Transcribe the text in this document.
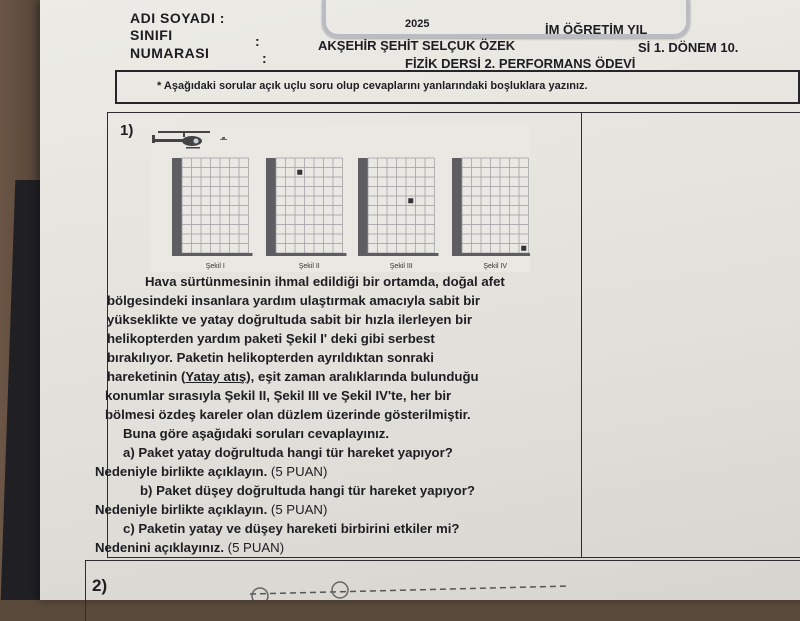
ADI SOYADI :
SINIFI	:
NUMARASI	:
2025	İM ÖĞRETİM YIL
AKŞEHİR ŞEHİT SELÇUK ÖZEK	Sİ 1. DÖNEM 10.
FİZİK DERSİ 2. PERFORMANS ÖDEVİ
* Aşağıdaki sorular açık uçlu soru olup cevaplarını yanlarındaki boşluklara yazınız.
1)
Şekil I	Şekil II	Şekil III	Şekil IV
Hava sürtünmesinin ihmal edildiği bir ortamda, doğal afet
bölgesindeki insanlara yardım ulaştırmak amacıyla sabit bir
yükseklikte ve yatay doğrultuda sabit bir hızla ilerleyen bir
helikopterden yardım paketi Şekil I' deki gibi serbest
bırakılıyor. Paketin helikopterden ayrıldıktan sonraki
hareketinin (Yatay atış), eşit zaman aralıklarında bulunduğu
konumlar sırasıyla Şekil II, Şekil III ve Şekil IV'te, her bir
bölmesi özdeş kareler olan düzlem üzerinde gösterilmiştir.
Buna göre aşağıdaki soruları cevaplayınız.
a) Paket yatay doğrultuda hangi tür hareket yapıyor?
Nedeniyle birlikte açıklayın. (5 PUAN)
b) Paket düşey doğrultuda hangi tür hareket yapıyor?
Nedeniyle birlikte açıklayın. (5 PUAN)
c) Paketin yatay ve düşey hareketi birbirini etkiler mi?
Nedenini açıklayınız. (5 PUAN)
2)
